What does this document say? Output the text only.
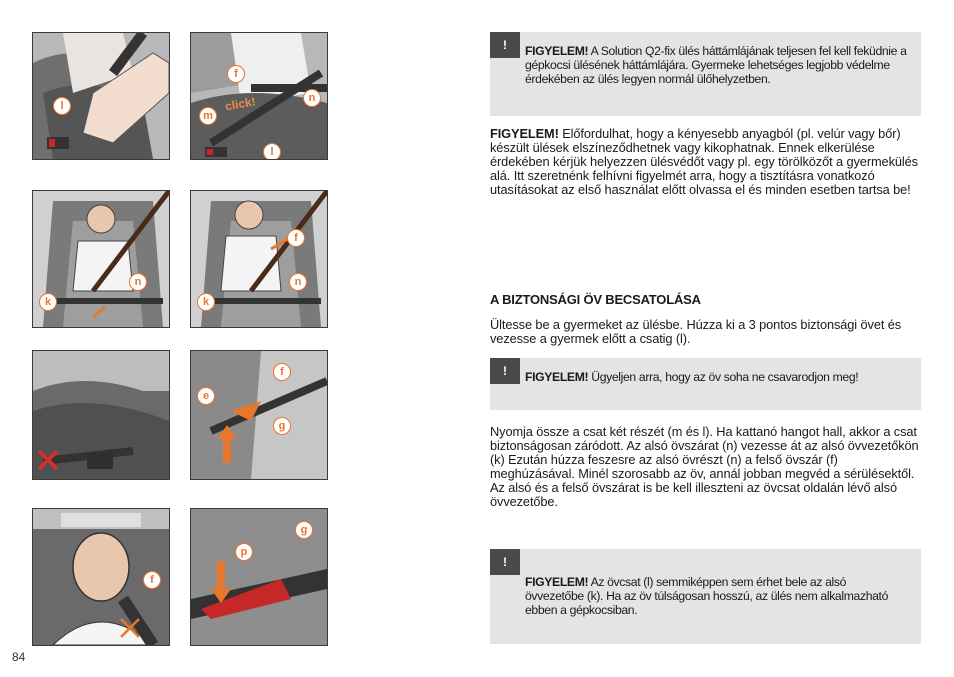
l
f
n
m
l
click!
n
k
f
n
k
f
e
g
f
g
p
84
!	FIGYELEM! A Solution Q2-fix ülés háttámlájának teljesen fel kell feküdnie a gépkocsi ülésének háttámlájára. Gyermeke lehetséges legjobb védelme érdekében az ülés legyen normál ülőhelyzetben.

FIGYELEM! Előfordulhat, hogy a kényesebb anyagból (pl. velúr vagy bőr) készült ülések elszíneződhetnek vagy kikophatnak. Ennek elkerülése érdekében kérjük helyezzen ülésvédőt vagy pl. egy törölközőt a gyermekülés alá. Itt szeretnénk felhívni figyelmét arra, hogy a tisztításra vonatkozó utasításokat az első használat előtt olvassa el és minden esetben tartsa be!

A BIZTONSÁGI ÖV BECSATOLÁSA

Ültesse be a gyermeket az ülésbe. Húzza ki a 3 pontos biztonsági övet és vezesse a gyermek előtt a csatig (l).

!	FIGYELEM! Ügyeljen arra, hogy az öv soha ne csavarodjon meg!

Nyomja össze a csat két részét (m és l). Ha kattanó hangot hall, akkor a csat biztonságosan záródott. Az alsó övszárat (n) vezesse át az alsó övvezetőkön (k) Ezután húzza feszesre az alsó övrészt (n) a felső övszár (f) meghúzásával. Minél szorosabb az öv, annál jobban megvéd a sérülésektől. Az alsó és a felső övszárat is be kell illeszteni az övcsat oldalán lévő alsó övvezetőbe.

!

FIGYELEM! Az övcsat (l) semmiképpen sem érhet bele az alsó övvezetőbe (k). Ha az öv túlságosan hosszú, az ülés nem alkalmazható ebben a gépkocsiban.
